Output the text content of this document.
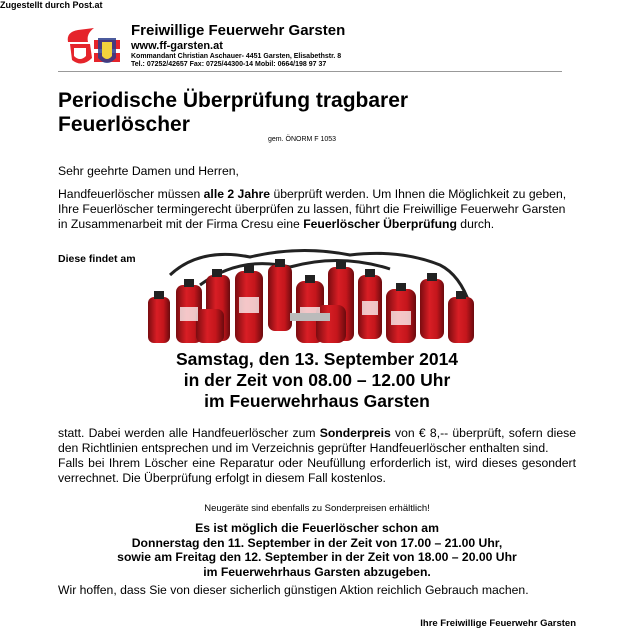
Zugestellt durch Post.at
Freiwillige Feuerwehr Garsten
www.ff-garsten.at
Kommandant Christian Aschauer- 4451 Garsten, Elisabethstr. 8
Tel.: 07252/42657 Fax: 0725/44300-14 Mobil: 0664/198 97 37
Periodische Überprüfung tragbarer Feuerlöscher
gem. ÖNORM F 1053
Sehr geehrte Damen und Herren,
Handfeuerlöscher müssen alle 2 Jahre überprüft werden. Um Ihnen die Möglichkeit zu geben, Ihre Feuerlöscher termingerecht überprüfen zu lassen, führt die Freiwillige Feuerwehr Garsten in Zusammenarbeit mit der Firma Cresu eine Feuerlöscher Überprüfung durch.
Diese findet am
Samstag, den 13. September 2014
in der Zeit von 08.00 – 12.00 Uhr
im Feuerwehrhaus Garsten
statt. Dabei werden alle Handfeuerlöscher zum Sonderpreis von € 8,-- überprüft, sofern diese den Richtlinien entsprechen und im Verzeichnis geprüfter Handfeuerlöscher enthalten sind.
Falls bei Ihrem Löscher eine Reparatur oder Neufüllung erforderlich ist, wird dieses gesondert verrechnet. Die Überprüfung erfolgt in diesem Fall kostenlos.
Neugeräte sind ebenfalls zu Sonderpreisen erhältlich!
Es ist möglich die Feuerlöscher schon am
Donnerstag den 11. September in der Zeit von 17.00 – 21.00 Uhr,
sowie am Freitag den 12. September in der Zeit von 18.00 – 20.00 Uhr
im Feuerwehrhaus Garsten abzugeben.
Wir hoffen, dass Sie von dieser sicherlich günstigen Aktion reichlich Gebrauch machen.
Ihre Freiwillige Feuerwehr Garsten
